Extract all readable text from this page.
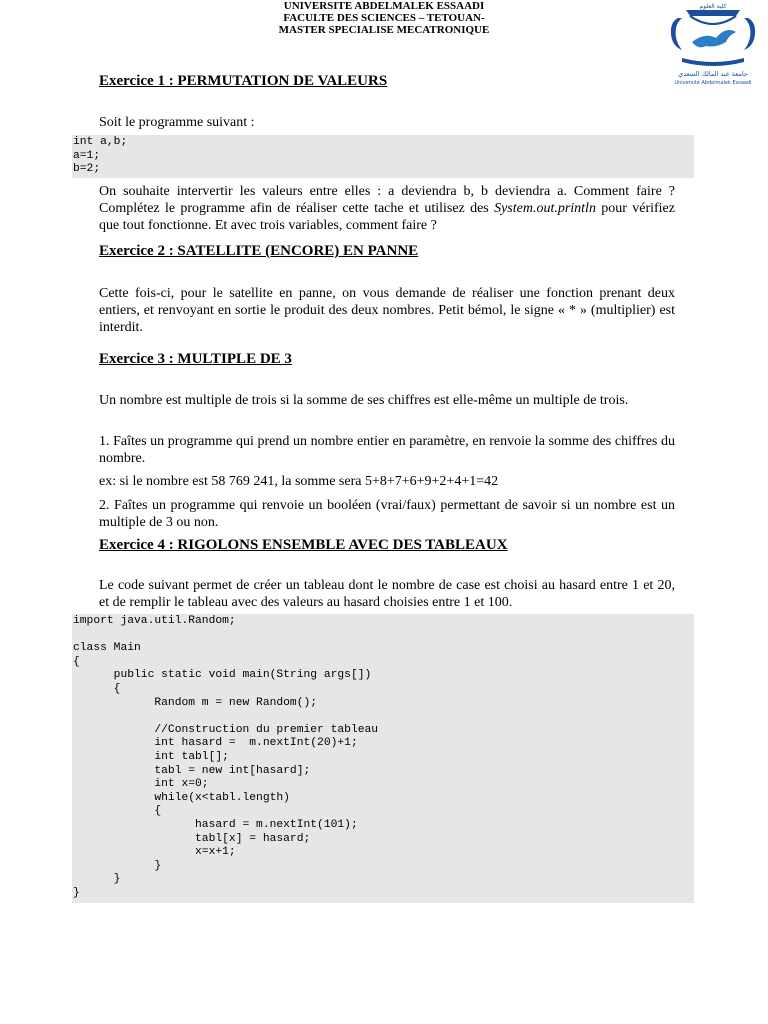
UNIVERSITE ABDELMALEK ESSAADI
FACULTE DES SCIENCES – TETOUAN-
MASTER SPECIALISE MECATRONIQUE
كلية العلوم
جامعة عبد المالك السعدي
Université Abdelmalek Essaadi
Exercice 1 : PERMUTATION DE VALEURS
Soit le programme suivant :
int a,b;
a=1;
b=2;
On souhaite intervertir les valeurs entre elles : a deviendra b, b deviendra a. Comment faire ? Complétez le programme afin de réaliser cette tache et utilisez des System.out.println pour vérifiez que tout fonctionne. Et avec trois variables, comment faire ?
Exercice 2 : SATELLITE (ENCORE) EN PANNE
Cette fois-ci, pour le satellite en panne, on vous demande de réaliser une fonction prenant deux entiers, et renvoyant en sortie le produit des deux nombres. Petit bémol, le signe « * » (multiplier) est interdit.
Exercice 3 : MULTIPLE DE 3
Un nombre est multiple de trois si la somme de ses chiffres est elle-même un multiple de trois.
1. Faîtes un programme qui prend un nombre entier en paramètre, en renvoie la somme des chiffres du nombre.
ex: si le nombre est 58 769 241, la somme sera 5+8+7+6+9+2+4+1=42
2. Faîtes un programme qui renvoie un booléen (vrai/faux) permettant de savoir si un nombre est un multiple de 3 ou non.
Exercice 4 : RIGOLONS ENSEMBLE AVEC DES TABLEAUX
Le code suivant permet de créer un tableau dont le nombre de case est choisi au hasard entre 1 et 20, et de remplir le tableau avec des valeurs au hasard choisies entre 1 et 100.
import java.util.Random;

class Main
{
public static void main(String args[])
{
Random m = new Random();

//Construction du premier tableau
int hasard =  m.nextInt(20)+1;
int tabl[];
tabl = new int[hasard];
int x=0;
while(x<tabl.length)
{
hasard = m.nextInt(101);
tabl[x] = hasard;
x=x+1;
}
}
}
